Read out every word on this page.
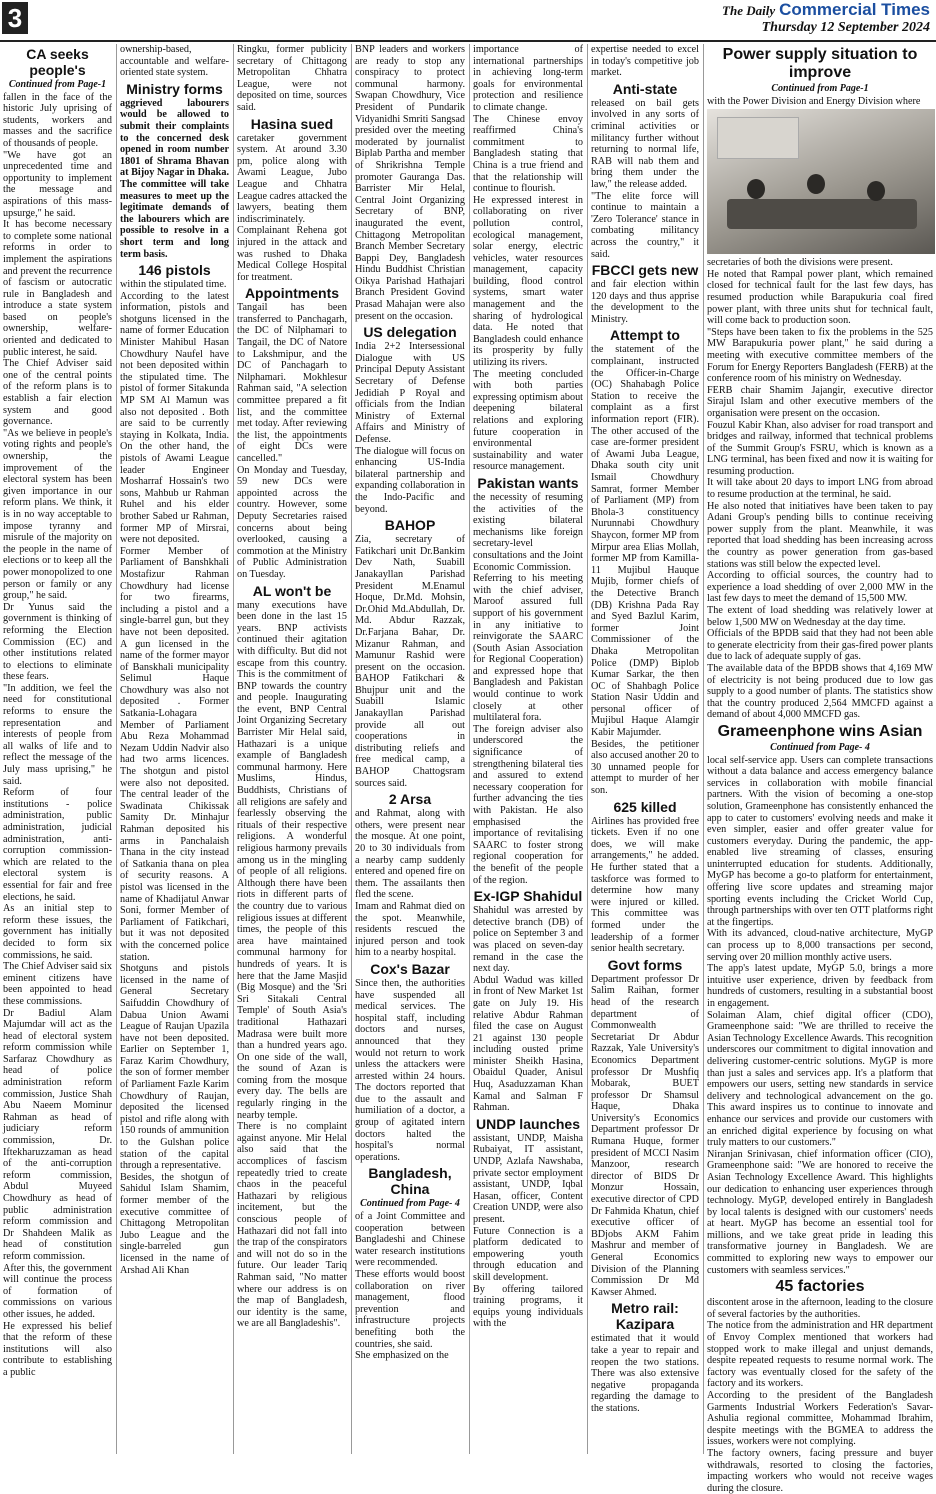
3	The Daily Commercial Times
Thursday 12 September 2024
CA seeks people's
Continued from Page-1

fallen in the face of the historic July uprising of students, workers and masses and the sacrifice of thousands of people.

"We have got an unprecedented time and opportunity to implement the message and aspirations of this mass-upsurge," he said.

It has become necessary to complete some national reforms in order to implement the aspirations and prevent the recurrence of fascism or autocratic rule in Bangladesh and introduce a state system based on people's ownership, welfare-oriented and dedicated to public interest, he said.

The Chief Adviser said one of the central points of the reform plans is to establish a fair election system and good governance.

"As we believe in people's voting rights and people's ownership, the improvement of the electoral system has been given importance in our reform plans. We think, it is in no way acceptable to impose tyranny and misrule of the majority on the people in the name of elections or to keep all the power monopolized to one person or family or any group," he said.

Dr Yunus said the government is thinking of reforming the Election Commission (EC) and other institutions related to elections to eliminate these fears.

"In addition, we feel the need for constitutional reforms to ensure the representation and interests of people from all walks of life and to reflect the message of the July mass uprising," he said.

Reform of four institutions - police administration, public administration, judicial administration, anti-corruption commission-which are related to the electoral system is essential for fair and free elections, he said.

As an initial step to reform these issues, the government has initially decided to form six commissions, he said.

The Chief Adviser said six eminent citizens have been appointed to head these commissions.

Dr Badiul Alam Majumdar will act as the head of electoral system reform commission while Sarfaraz Chowdhury as head of police administration reform commission, Justice Shah Abu Naeem Mominur Rahman as head of judiciary reform commission, Dr. Iftekharuzzaman as head of the anti-corruption reform commission, Abdul Muyeed Chowdhury as head of public administration reform commission and Dr Shahdeen Malik as head of constitution reform commission.

After this, the government will continue the process of formation of commissions on various other issues, he added.

He expressed his belief that the reform of these institutions will also contribute to establishing a public

ownership-based, accountable and welfare-oriented state system.

Ministry forms

aggrieved labourers would be allowed to submit their complaints to the concerned desk opened in room number 1801 of Shrama Bhavan at Bijoy Nagar in Dhaka. The committee will take measures to meet up the legitimate demands of the labourers which are possible to resolve in a short term and long term basis.

146 pistols

within the stipulated time.

According to the latest information, pistols and shotguns licensed in the name of former Education Minister Mahibul Hasan Chowdhury Naufel have not been deposited within the stipulated time. The pistol of former Sitakunda MP SM Al Mamun was also not deposited . Both are said to be currently staying in Kolkata, India. On the other hand, the pistols of Awami League leader Engineer Mosharraf Hossain's two sons, Mahbub ur Rahman Ruhel and his elder brother Sabed ur Rahman, former MP of Mirsrai, were not deposited.

Former Member of Parliament of Banshkhali Mostafizur Rahman Chowdhury had license for two firearms, including a pistol and a single-barrel gun, but they have not been deposited. A gun licensed in the name of the former mayor of Banskhali municipality Selimul Haque Chowdhury was also not deposited . Former Satkania-Lohagara Member of Parliament Abu Reza Mohammad Nezam Uddin Nadvir also had two arms licences. The shotgun and pistol were also not deposited. The central leader of the Swadinata Chikissak Samity Dr. Minhajur Rahman deposited his arms in Panchalaish Thana in the city instead of Satkania thana on plea of security reasons. A pistol was licensed in the name of Khadijatul Anwar Soni, former Member of Parliament of Fatikchari, but it was not deposited with the concerned police station.

Shotguns and pistols licensed in the name of General Secretary Saifuddin Chowdhury of Dabua Union Awami League of Raujan Upazila have not been deposited. Earlier on September 1, Faraz Karim Chowdhury, the son of former member of Parliament Fazle Karim Chowdhury of Raujan, deposited the licensed pistol and rifle along with 150 rounds of ammunition to the Gulshan police station of the capital through a representative.

Besides, the shotgun of Sahidul Islam Shamim, former member of the executive committee of Chittagong Metropolitan Jubo League and the single-barreled gun licensed in the name of Arshad Ali Khan

Ringku, former publicity secretary of Chittagong Metropolitan Chhatra League, were not deposited on time, sources said.

Hasina sued

caretaker government system. At around 3.30 pm, police along with Awami League, Jubo League and Chhatra League cadres attacked the lawyers, beating them indiscriminately. Complainant Rehena got injured in the attack and was rushed to Dhaka Medical College Hospital for treatment.

Appointments

Tangail has been transferred to Panchagarh, the DC of Nilphamari to Tangail, the DC of Natore to Lakshmipur, and the DC of Panchagarh to Nilphamari. Mokhlesur Rahman said, "A selection committee prepared a fit list, and the committee met today. After reviewing the list, the appointments of eight DCs were cancelled."

On Monday and Tuesday, 59 new DCs were appointed across the country. However, some Deputy Secretaries raised concerns about being overlooked, causing a commotion at the Ministry of Public Administration on Tuesday.

AL won't be

many executions have been done in the last 15 years. BNP activists continued their agitation with difficulty. But did not escape from this country. This is the commitment of BNP towards the country and people. Inaugurating the event, BNP Central Joint Organizing Secretary Barrister Mir Helal said, Hathazari is a unique example of Bangladesh communal harmony. Here Muslims, Hindus, Buddhists, Christians of all religions are safely and fearlessly observing the rituals of their respective religions. A wonderful religious harmony prevails among us in the mingling of people of all religions. Although there have been riots in different parts of the country due to various religious issues at different times, the people of this area have maintained communal harmony for hundreds of years. It is here that the Jame Masjid (Big Mosque) and the 'Sri Sri Sitakali Central Temple' of South Asia's traditional Hathazari Madrasa were built more than a hundred years ago. On one side of the wall, the sound of Azan is coming from the mosque every day. The bells are regularly ringing in the nearby temple.

There is no complaint against anyone. Mir Helal also said that the accomplices of fascism repeatedly tried to create chaos in the peaceful Hathazari by religious incitement, but the conscious people of Hathazari did not fall into the trap of the conspirators and will not do so in the future. Our leader Tariq Rahman said, "No matter where our address is on the map of Bangladesh, our identity is the same, we are all Bangladeshis".

BNP leaders and workers are ready to stop any conspiracy to protect communal harmony. Swapan Chowdhury, Vice President of Pundarik Vidyanidhi Smriti Sangsad presided over the meeting moderated by journalist Biplab Partha and member of Shrikrishna Temple promoter Gauranga Das. Barrister Mir Helal, Central Joint Organizing Secretary of BNP, inaugurated the event, Chittagong Metropolitan Branch Member Secretary Bappi Dey, Bangladesh Hindu Buddhist Christian Oikya Parishad Hathajari Branch President Govind Prasad Mahajan were also present on the occasion.

US delegation

India 2+2 Intersessional Dialogue with US Principal Deputy Assistant Secretary of Defense Jedidiah P Royal and officials from the Indian Ministry of External Affairs and Ministry of Defense.

The dialogue will focus on enhancing US-India bilateral partnership and expanding collaboration in the Indo-Pacific and beyond.

BAHOP

Zia, secretary of Fatikchari unit Dr.Bankim Dev Nath, Suabill Janakayllan Parishad President M.Enamul Hoque, Dr.Md. Mohsin, Dr.Ohid Md.Abdullah, Dr. Md. Abdur Razzak, Dr.Farjana Bahar, Dr. Mizanur Rahman, and Mamunur Rashid were present on the occasion. BAHOP Fatikchari & Bhujpur unit and the Suabill Islamic Janakayllan Parishad provide all out cooperations in distributing reliefs and free medical camp, a BAHOP Chattogsram sources said.

2 Arsa

and Rahmat, along with others, were present near the mosque. At one point, 20 to 30 individuals from a nearby camp suddenly entered and opened fire on them. The assailants then fled the scene.

Imam and Rahmat died on the spot. Meanwhile, residents rescued the injured person and took him to a nearby hospital.

Cox's Bazar

Since then, the authorities have suspended all medical services. The hospital staff, including doctors and nurses, announced that they would not return to work unless the attackers were arrested within 24 hours. The doctors reported that due to the assault and humiliation of a doctor, a group of agitated intern doctors halted the hospital's normal operations.

Bangladesh, China
Continued from Page- 4

of a Joint Committee and cooperation between Bangladeshi and Chinese water research institutions were recommended.

These efforts would boost collaboration on river management, flood prevention and infrastructure projects benefiting both the countries, she said.

She emphasized on the

importance of international partnerships in achieving long-term goals for environmental protection and resilience to climate change.

The Chinese envoy reaffirmed China's commitment to Bangladesh stating that China is a true friend and that the relationship will continue to flourish.

He expressed interest in collaborating on river pollution control, ecological management, solar energy, electric vehicles, water resources management, capacity building, flood control systems, smart water management and the sharing of hydrological data. He noted that Bangladesh could enhance its prosperity by fully utilizing its rivers.

The meeting concluded with both parties expressing optimism about deepening bilateral relations and exploring future cooperation in environmental sustainability and water resource management.

Pakistan wants

the necessity of resuming the activities of the existing bilateral mechanisms like foreign secretary-level consultations and the Joint Economic Commission.

Referring to his meeting with the chief adviser, Maroof assured full support of his government in any initiative to reinvigorate the SAARC (South Asian Association for Regional Cooperation) and expressed hope that Bangladesh and Pakistan would continue to work closely at other multilateral fora.

The foreign adviser also underscored the significance of strengthening bilateral ties and assured to extend necessary cooperation for further advancing the ties with Pakistan. He also emphasised the importance of revitalising SAARC to foster strong regional cooperation for the benefit of the people of the region.

Ex-IGP Shahidul

Shahidul was arrested by detective branch (DB) of police on September 3 and was placed on seven-day remand in the case the next day.

Abdul Wadud was killed in front of New Market 1st gate on July 19. His relative Abdur Rahman filed the case on August 21 against 130 people including ousted prime minister Sheikh Hasina, Obaidul Quader, Anisul Huq, Asaduzzaman Khan Kamal and Salman F Rahman.

UNDP launches

assistant, UNDP, Maisha Rubaiyat, IT assistant, UNDP, Azlafa Nawshaba, private sector employment assistant, UNDP, Iqbal Hasan, officer, Content Creation UNDP, were also present.

Future Connection is a platform dedicated to empowering youth through education and skill development.

By offering tailored training programs, it equips young individuals with the

expertise needed to excel in today's competitive job market.

Anti-state

released on bail gets involved in any sorts of criminal activities or militancy further without returning to normal life, RAB will nab them and bring them under the law," the release added.

"The elite force will continue to maintain a 'Zero Tolerance' stance in combating militancy across the country," it said.

FBCCI gets new

and fair election within 120 days and thus apprise the development to the Ministry.

Attempt to

the statement of the complainant, instructed the Officer-in-Charge (OC) Shahabagh Police Station to receive the complaint as a first information report (FIR). The other accused of the case are-former president of Awami Juba League, Dhaka south city unit Ismail Chowdhury Samrat, former Member of Parliament (MP) from Bhola-3 constituency Nurunnabi Chowdhury Shaycon, former MP from Mirpur area Elias Mollah, former MP from Kamilla-11 Mujibul Hauque Mujib, former chiefs of the Detective Branch (DB) Krishna Pada Ray and Syed Bazlul Karim, former Joint Commissioner of the Dhaka Metropolitan Police (DMP) Biplob Kumar Sarkar, the then OC of Shahbagh Police Station Nasir Uddin and personal officer of Mujibul Haque Alamgir Kabir Majumder.

Besides, the petitioner also accused another 20 to 30 unnamed people for attempt to murder of her son.

625 killed

Airlines has provided free tickets. Even if no one does, we will make arrangements," he added. He further stated that a taskforce was formed to determine how many were injured or killed. This committee was formed under the leadership of a former senior health secretary.

Govt forms

Department professor Dr Salim Raihan, former head of the research department of Commonwealth Secretariat Dr Abdur Razzak, Yale University's Economics Department professor Dr Mushfiq Mobarak, BUET professor Dr Shamsul Haque, Dhaka University's Economics Department professor Dr Rumana Huque, former president of MCCI Nasim Manzoor, research director of BIDS Dr Monzur Hossain, executive director of CPD Dr Fahmida Khatun, chief executive officer of BDjobs AKM Fahim Mashrur and member of General Economics Division of the Planning Commission Dr Md Kawser Ahmed.

Metro rail: Kazipara

estimated that it would take a year to repair and reopen the two stations. There was also extensive negative propaganda regarding the damage to the stations.

Power supply situation to improve
Continued from Page-1

with the Power Division and Energy Division where

secretaries of both the divisions were present.

He noted that Rampal power plant, which remained closed for technical fault for the last few days, has resumed production while Barapukuria coal fired power plant, with three units shut for technical fault, will come back to production soon.

"Steps have been taken to fix the problems in the 525 MW Barapukuria power plant," he said during a meeting with executive committee members of the Forum for Energy Reporters Bangladesh (FERB) at the conference room of his ministry on Wednesday.

FERB chair Shamim Jajangir, executive director Sirajul Islam and other executive members of the organisation were present on the occasion.

Fouzul Kabir Khan, also adviser for road transport and bridges and railway, informed that technical problems of the Summit Group's FSRU, which is known as a LNG terminal, has been fixed and now it is waiting for resuming production.

It will take about 20 days to import LNG from abroad to resume production at the terminal, he said.

He also noted that initiatives have been taken to pay Adani Group's pending bills to continue receiving power supply from the plant. Meanwhile, it was reported that load shedding has been increasing across the country as power generation from gas-based stations was still below the expected level.

According to official sources, the country had to experience a load shedding of over 2,000 MW in the last few days to meet the demand of 15,500 MW.

The extent of load shedding was relatively lower at below 1,500 MW on Wednesday at the day time.

Officials of the BPDB said that they had not been able to generate electricity from their gas-fired power plants due to lack of adequate supply of gas.

The available data of the BPDB shows that 4,169 MW of electricity is not being produced due to low gas supply to a good number of plants. The statistics show that the country produced 2,564 MMCFD against a demand of about 4,000 MMCFD gas.

Grameenphone wins Asian
Continued from Page- 4

local self-service app. Users can complete transactions without a data balance and access emergency balance services in collaboration with mobile financial partners. With the vision of becoming a one-stop solution, Grameenphone has consistently enhanced the app to cater to customers' evolving needs and make it even simpler, easier and offer greater value for customers everyday. During the pandemic, the app-enabled live streaming of classes, ensuring uninterrupted education for students. Additionally, MyGP has become a go-to platform for entertainment, offering live score updates and streaming major sporting events including the Cricket World Cup, through partnerships with over ten OTT platforms right at the fingertips.

With its advanced, cloud-native architecture, MyGP can process up to 8,000 transactions per second, serving over 20 million monthly active users.

The app's latest update, MyGP 5.0, brings a more intuitive user experience, driven by feedback from hundreds of customers, resulting in a substantial boost in engagement.

Solaiman Alam, chief digital officer (CDO), Grameenphone said: "We are thrilled to receive the Asian Technology Excellence Awards. This recognition underscores our commitment to digital innovation and delivering customer-centric solutions. MyGP is more than just a sales and services app. It's a platform that empowers our users, setting new standards in service delivery and technological advancement on the go. This award inspires us to continue to innovate and enhance our services and provide our customers with an enriched digital experience by focusing on what truly matters to our customers."

Niranjan Srinivasan, chief information officer (CIO), Grameenphone said: "We are honored to receive the Asian Technology Excellence Award. This highlights our dedication to enhancing user experiences through technology. MyGP, developed entirely in Bangladesh by local talents is designed with our customers' needs at heart. MyGP has become an essential tool for millions, and we take great pride in leading this transformative journey in Bangladesh. We are committed to exploring new ways to empower our customers with seamless services."

45 factories

discontent arose in the afternoon, leading to the closure of several factories by the authorities.

The notice from the administration and HR department of Envoy Complex mentioned that workers had stopped work to make illegal and unjust demands, despite repeated requests to resume normal work. The factory was eventually closed for the safety of the factory and its workers.

According to the president of the Bangladesh Garments Industrial Workers Federation's Savar-Ashulia regional committee, Mohammad Ibrahim, despite meetings with the BGMEA to address the issues, workers were not complying.

The factory owners, facing pressure and buyer withdrawals, resorted to closing the factories, impacting workers who would not receive wages during the closure.
